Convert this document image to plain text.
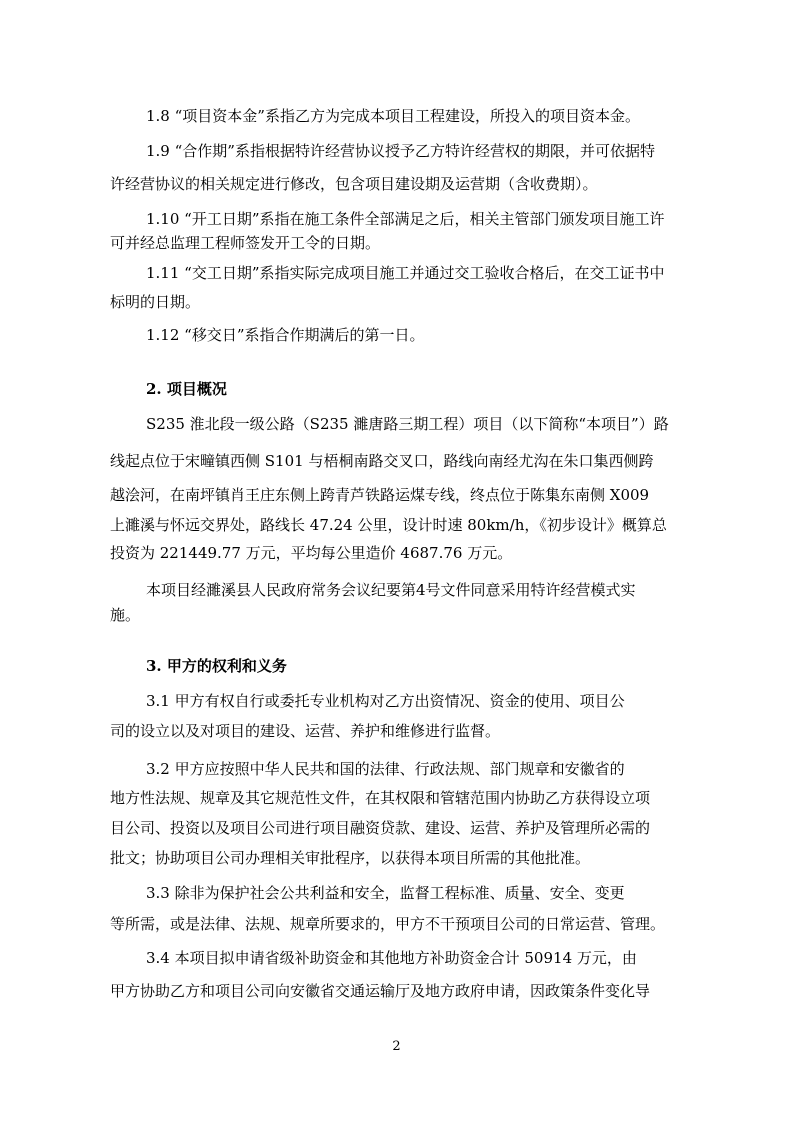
1.8 “项目资本金”系指乙方为完成本项目工程建设，所投入的项目资本金。
1.9 “合作期”系指根据特许经营协议授予乙方特许经营权的期限，并可依据特
许经营协议的相关规定进行修改，包含项目建设期及运营期（含收费期）。
1.10 “开工日期”系指在施工条件全部满足之后，相关主管部门颁发项目施工许
可并经总监理工程师签发开工令的日期。
1.11 “交工日期”系指实际完成项目施工并通过交工验收合格后，在交工证书中
标明的日期。
1.12 “移交日”系指合作期满后的第一日。
2. 项目概况
S235 淮北段一级公路（S235 濉唐路三期工程）项目（以下简称“本项目”）路
线起点位于宋疃镇西侧 S101 与梧桐南路交叉口，路线向南经尤沟在朱口集西侧跨
越浍河，在南坪镇肖王庄东侧上跨青芦铁路运煤专线，终点位于陈集东南侧 X009
上濉溪与怀远交界处，路线长 47.24 公里，设计时速 80km/h，《初步设计》概算总
投资为 221449.77 万元，平均每公里造价 4687.76 万元。
本项目经濉溪县人民政府常务会议纪要第4号文件同意采用特许经营模式实
施。
3. 甲方的权利和义务
3.1 甲方有权自行或委托专业机构对乙方出资情况、资金的使用、项目公
司的设立以及对项目的建设、运营、养护和维修进行监督。
3.2 甲方应按照中华人民共和国的法律、行政法规、部门规章和安徽省的
地方性法规、规章及其它规范性文件，在其权限和管辖范围内协助乙方获得设立项
目公司、投资以及项目公司进行项目融资贷款、建设、运营、养护及管理所必需的
批文；协助项目公司办理相关审批程序，以获得本项目所需的其他批准。
3.3 除非为保护社会公共利益和安全，监督工程标准、质量、安全、变更
等所需，或是法律、法规、规章所要求的，甲方不干预项目公司的日常运营、管理。
3.4 本项目拟申请省级补助资金和其他地方补助资金合计 50914 万元，由
甲方协助乙方和项目公司向安徽省交通运输厅及地方政府申请，因政策条件变化导
2
